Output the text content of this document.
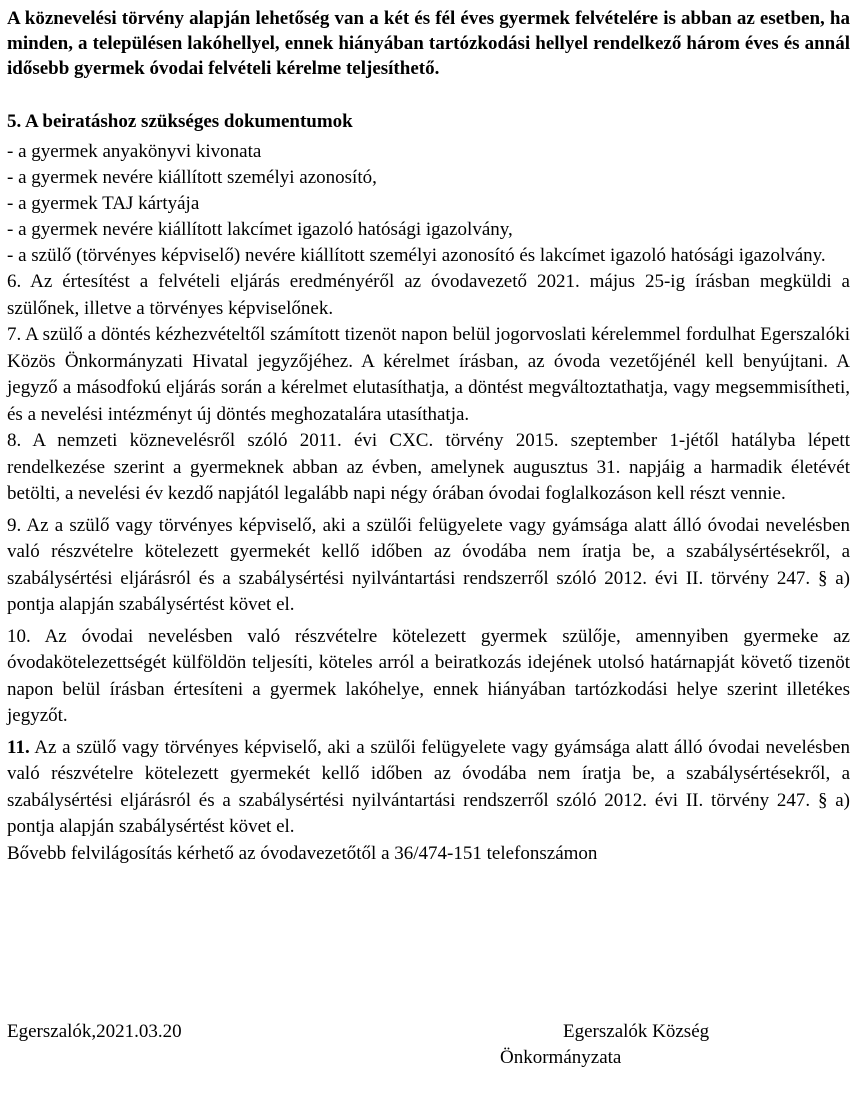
A köznevelési törvény alapján lehetőség van a két és fél éves gyermek felvételére is abban az esetben, ha minden, a településen lakóhellyel, ennek hiányában tartózkodási hellyel rendelkező három éves és annál idősebb gyermek óvodai felvételi kérelme teljesíthető.

5. A beiratáshoz szükséges dokumentumok
- a gyermek anyakönyvi kivonata
- a gyermek nevére kiállított személyi azonosító,
- a gyermek TAJ kártyája
- a gyermek nevére kiállított lakcímet igazoló hatósági igazolvány,
- a szülő (törvényes képviselő) nevére kiállított személyi azonosító és lakcímet igazoló hatósági igazolvány.

6. Az értesítést a felvételi eljárás eredményéről az óvodavezető 2021. május 25-ig írásban megküldi a szülőnek, illetve a törvényes képviselőnek.

7. A szülő a döntés kézhezvételtől számított tizenöt napon belül jogorvoslati kérelemmel fordulhat Egerszalóki Közös Önkormányzati Hivatal jegyzőjéhez. A kérelmet írásban, az óvoda vezetőjénél kell benyújtani. A jegyző a másodfokú eljárás során a kérelmet elutasíthatja, a döntést megváltoztathatja, vagy megsemmisítheti, és a nevelési intézményt új döntés meghozatalára utasíthatja.

8. A nemzeti köznevelésről szóló 2011. évi CXC. törvény 2015. szeptember 1-jétől hatályba lépett rendelkezése szerint a gyermeknek abban az évben, amelynek augusztus 31. napjáig a harmadik életévét betölti, a nevelési év kezdő napjától legalább napi négy órában óvodai foglalkozáson kell részt vennie.

9. Az a szülő vagy törvényes képviselő, aki a szülői felügyelete vagy gyámsága alatt álló óvodai nevelésben való részvételre kötelezett gyermekét kellő időben az óvodába nem íratja be, a szabálysértésekről, a szabálysértési eljárásról és a szabálysértési nyilvántartási rendszerről szóló 2012. évi II. törvény 247. § a) pontja alapján szabálysértést követ el.

10. Az óvodai nevelésben való részvételre kötelezett gyermek szülője, amennyiben gyermeke az óvodakötelezettségét külföldön teljesíti, köteles arról a beiratkozás idejének utolsó határnapját követő tizenöt napon belül írásban értesíteni a gyermek lakóhelye, ennek hiányában tartózkodási helye szerint illetékes jegyzőt.

11. Az a szülő vagy törvényes képviselő, aki a szülői felügyelete vagy gyámsága alatt álló óvodai nevelésben való részvételre kötelezett gyermekét kellő időben az óvodába nem íratja be, a szabálysértésekről, a szabálysértési eljárásról és a szabálysértési nyilvántartási rendszerről szóló 2012. évi II. törvény 247. § a) pontja alapján szabálysértést követ el.

Bővebb felvilágosítás kérhető az óvodavezetőtől a 36/474-151 telefonszámon

Egerszalók,2021.03.20	Egerszalók Község
Önkormányzata
